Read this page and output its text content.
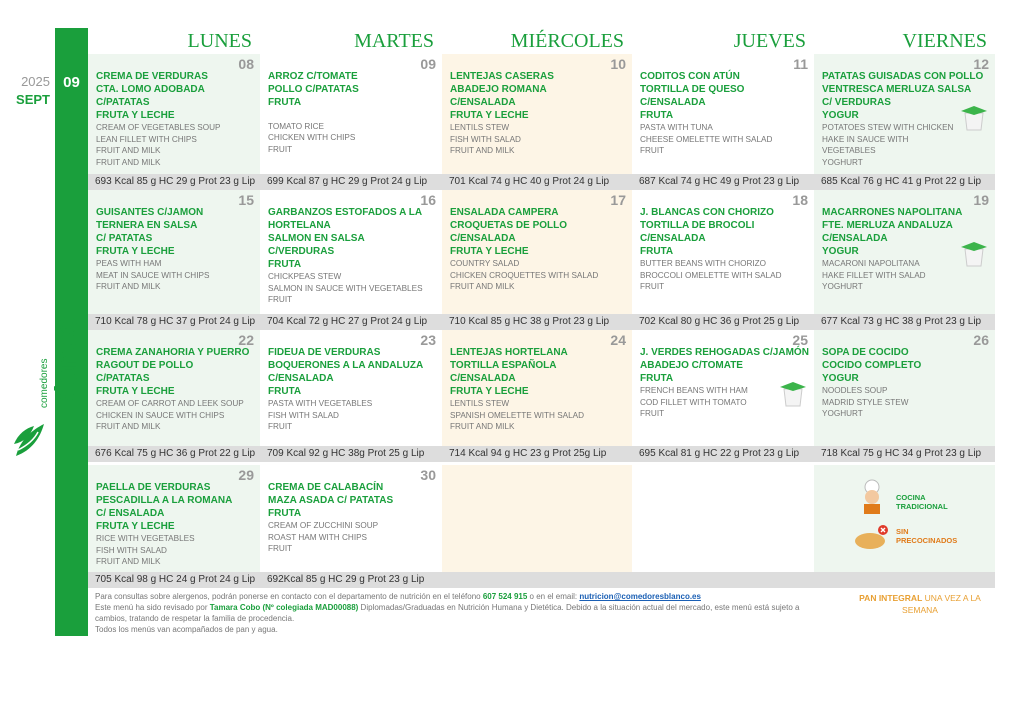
09
2025
SEPT
comedores
Blanco
LUNES	MARTES	MIÉRCOLES	JUEVES	VIERNES
08
CREMA DE VERDURAS
CTA. LOMO ADOBADA
C/PATATAS
FRUTA Y LECHE
CREAM OF VEGETABLES SOUP
LEAN FILLET WITH CHIPS
FRUIT AND MILK
FRUIT AND MILK
09
ARROZ C/TOMATE
POLLO C/PATATAS
FRUTA

TOMATO RICE
CHICKEN WITH CHIPS
FRUIT
10
LENTEJAS CASERAS
ABADEJO ROMANA
C/ENSALADA
FRUTA Y LECHE
LENTILS STEW
FISH WITH SALAD
FRUIT AND MILK
11
CODITOS CON ATÚN
TORTILLA DE QUESO
C/ENSALADA
FRUTA
PASTA WITH TUNA
CHEESE OMELETTE WITH SALAD
FRUIT
12
PATATAS GUISADAS CON POLLO
VENTRESCA MERLUZA SALSA
C/ VERDURAS
YOGUR
POTATOES STEW WITH CHICKEN
HAKE IN SAUCE WITH
VEGETABLES
YOGHURT
693 Kcal 85 g HC 29 g Prot 23 g Lip	699 Kcal 87 g HC 29 g Prot 24 g Lip	701 Kcal 74 g HC 40 g Prot 24 g Lip	687 Kcal 74 g HC 49 g Prot 23 g Lip	685 Kcal 76 g HC 41 g Prot 22 g Lip
15
GUISANTES C/JAMON
TERNERA EN SALSA
C/ PATATAS
FRUTA Y LECHE
PEAS WITH HAM
MEAT IN SAUCE WITH CHIPS
FRUIT AND MILK
16
GARBANZOS ESTOFADOS A LA
HORTELANA
SALMON EN SALSA
C/VERDURAS
FRUTA
CHICKPEAS STEW
SALMON IN SAUCE WITH VEGETABLES
FRUIT
17
ENSALADA CAMPERA
CROQUETAS DE POLLO
C/ENSALADA
FRUTA Y LECHE
COUNTRY SALAD
CHICKEN CROQUETTES WITH SALAD
FRUIT AND MILK
18
J. BLANCAS CON CHORIZO
TORTILLA DE BROCOLI
C/ENSALADA
FRUTA
BUTTER BEANS WITH CHORIZO
BROCCOLI OMELETTE WITH SALAD
FRUIT
19
MACARRONES NAPOLITANA
FTE. MERLUZA ANDALUZA
C/ENSALADA
YOGUR
MACARONI NAPOLITANA
HAKE FILLET WITH SALAD
YOGHURT
710 Kcal 78 g HC 37 g Prot 24 g Lip	704 Kcal 72 g HC 27 g Prot 24 g Lip	710 Kcal 85 g HC 38 g Prot 23 g Lip	702 Kcal 80 g HC 36 g Prot 25 g Lip	677 Kcal 73 g HC 38 g Prot 23 g Lip
22
CREMA ZANAHORIA Y PUERRO
RAGOUT DE POLLO
C/PATATAS
FRUTA Y LECHE
CREAM OF CARROT AND LEEK SOUP
CHICKEN IN SAUCE WITH CHIPS
FRUIT AND MILK
23
FIDEUA DE VERDURAS
BOQUERONES A LA ANDALUZA
C/ENSALADA
FRUTA
PASTA WITH VEGETABLES
FISH WITH SALAD
FRUIT
24
LENTEJAS HORTELANA
TORTILLA ESPAÑOLA
C/ENSALADA
FRUTA Y LECHE
LENTILS STEW
SPANISH OMELETTE WITH SALAD
FRUIT AND MILK
25
J. VERDES REHOGADAS C/JAMÓN
ABADEJO C/TOMATE
FRUTA
FRENCH BEANS WITH HAM
COD FILLET WITH TOMATO
FRUIT
26
SOPA DE COCIDO
COCIDO COMPLETO
YOGUR
NOODLES SOUP
MADRID STYLE STEW
YOGHURT
676 Kcal 75 g HC 36 g Prot 22 g Lip	709 Kcal 92 g HC 38g Prot 25 g Lip	714 Kcal 94 g HC 23 g Prot 25g Lip	695 Kcal 81 g HC 22 g Prot 23 g Lip	718 Kcal 75 g HC 34 g Prot 23 g Lip
29
PAELLA DE VERDURAS
PESCADILLA A LA ROMANA
C/ ENSALADA
FRUTA Y LECHE
RICE WITH VEGETABLES
FISH WITH SALAD
FRUIT AND MILK
30
CREMA DE CALABACÍN
MAZA ASADA C/ PATATAS
FRUTA
CREAM OF ZUCCHINI SOUP
ROAST HAM WITH CHIPS
FRUIT
705 Kcal 98 g HC 24 g Prot 24 g Lip	692Kcal 85 g HC 29 g Prot 23 g Lip
COCINA TRADICIONAL
SIN PRECOCINADOS
Para consultas sobre alergenos, podrán ponerse en contacto con el departamento de nutrición en el teléfono 607 524 915 o en el email: nutricion@comedoresblanco.es
Este menú ha sido revisado por Tamara Cobo (Nº colegiada MAD00088) Diplomadas/Graduadas en Nutrición Humana y Dietética. Debido a la situación actual del mercado, este menú está sujeto a cambios, tratando de respetar la familia de procedencia.
Todos los menús van acompañados de pan y agua.
PAN INTEGRAL UNA VEZ A LA SEMANA
